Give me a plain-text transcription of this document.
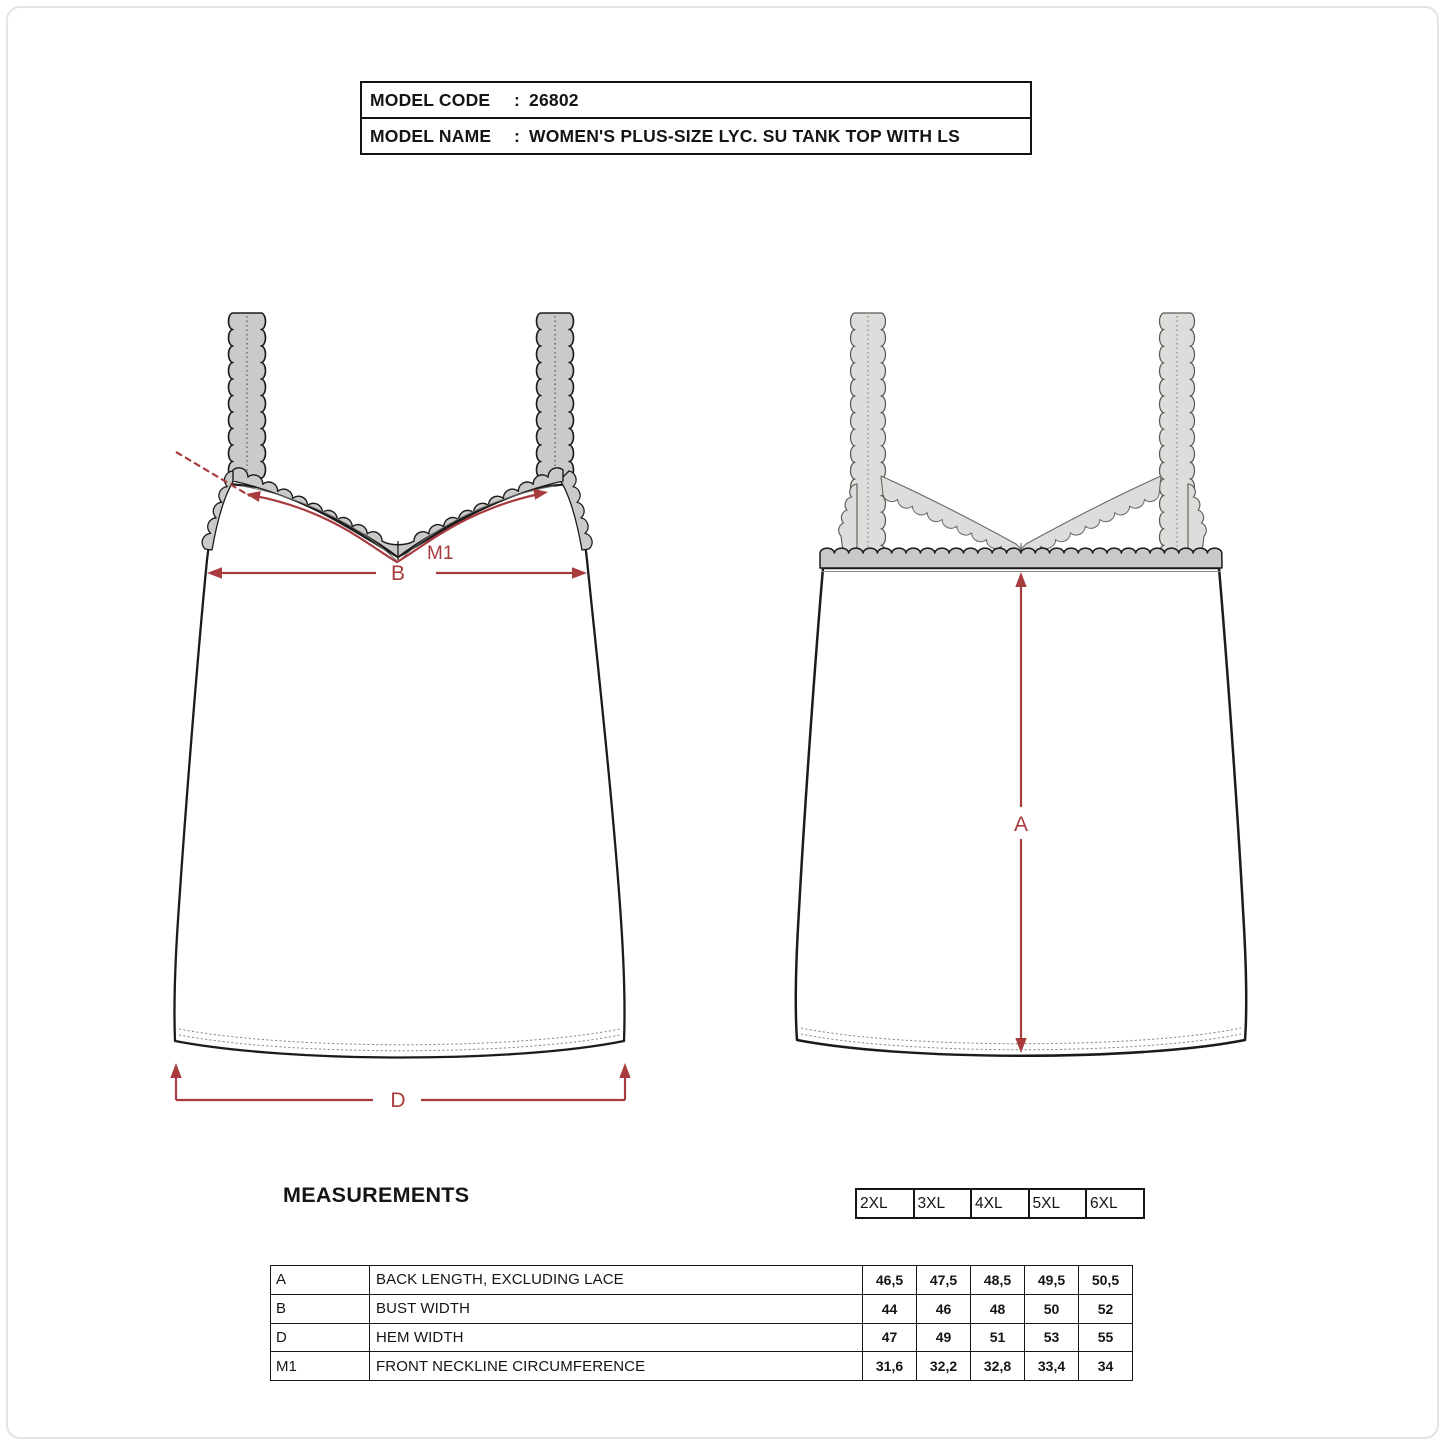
MODEL CODE	: 26802
MODEL NAME	: WOMEN'S PLUS-SIZE LYC. SU TANK TOP WITH LS
B
M1
D
A
MEASUREMENTS	2XL	3XL	4XL	5XL	6XL
A	BACK LENGTH, EXCLUDING LACE	46,5	47,5	48,5	49,5	50,5
B	BUST WIDTH	44	46	48	50	52
D	HEM WIDTH	47	49	51	53	55
M1	FRONT NECKLINE CIRCUMFERENCE	31,6	32,2	32,8	33,4	34
